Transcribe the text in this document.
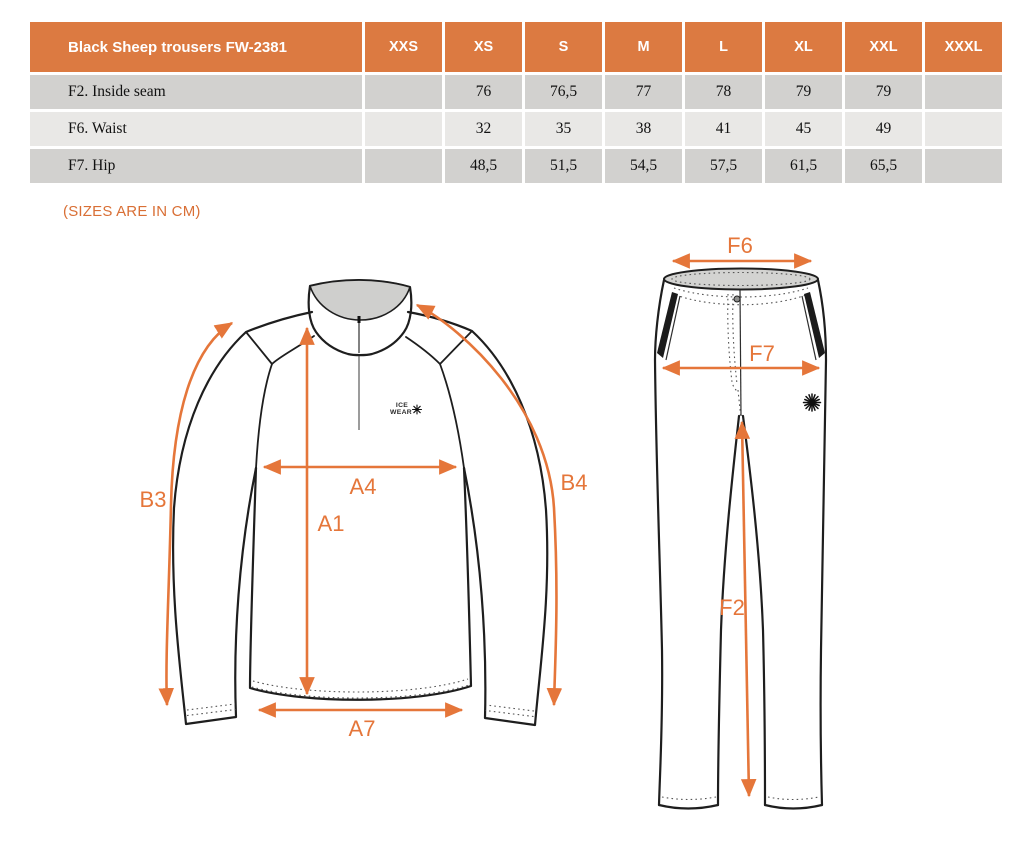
Black Sheep trousers FW-2381	XXS	XS	S	M	L	XL	XXL	XXXL
F2. Inside seam		76	76,5	77	78	79	79	
F6. Waist		32	35	38	41	45	49	
F7. Hip		48,5	51,5	54,5	57,5	61,5	65,5	
(SIZES ARE IN CM)
ICE
WEAR
B3
B4
A4
A1
A7
F6
F7
F2
